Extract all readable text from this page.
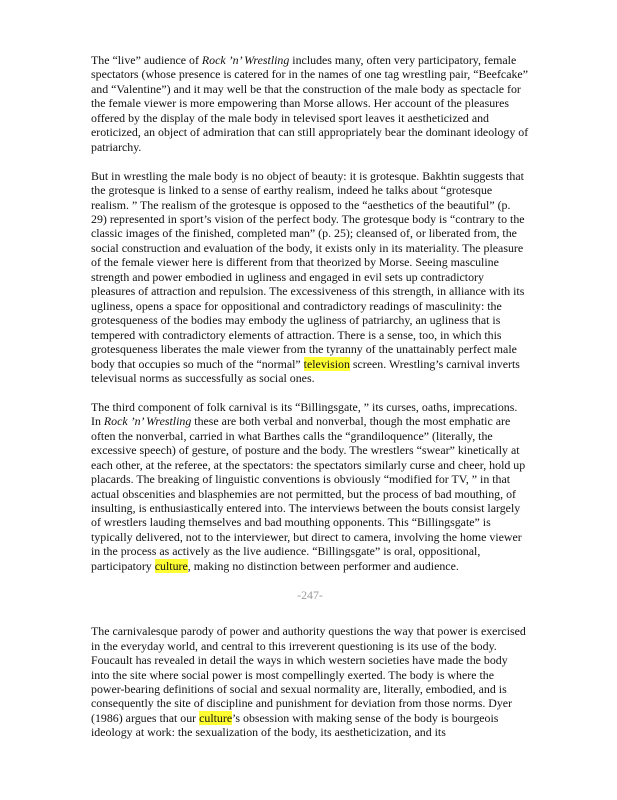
The “live” audience of Rock ’n’ Wrestling includes many, often very participatory, female spectators (whose presence is catered for in the names of one tag wrestling pair, “Beefcake” and “Valentine”) and it may well be that the construction of the male body as spectacle for the female viewer is more empowering than Morse allows. Her account of the pleasures offered by the display of the male body in televised sport leaves it aestheticized and eroticized, an object of admiration that can still appropriately bear the dominant ideology of patriarchy.

But in wrestling the male body is no object of beauty: it is grotesque. Bakhtin suggests that the grotesque is linked to a sense of earthy realism, indeed he talks about “grotesque realism. ” The realism of the grotesque is opposed to the “aesthetics of the beautiful” (p. 29) represented in sport’s vision of the perfect body. The grotesque body is “contrary to the classic images of the finished, completed man” (p. 25); cleansed of, or liberated from, the social construction and evaluation of the body, it exists only in its materiality. The pleasure of the female viewer here is different from that theorized by Morse. Seeing masculine strength and power embodied in ugliness and engaged in evil sets up contradictory pleasures of attraction and repulsion. The excessiveness of this strength, in alliance with its ugliness, opens a space for oppositional and contradictory readings of masculinity: the grotesqueness of the bodies may embody the ugliness of patriarchy, an ugliness that is tempered with contradictory elements of attraction. There is a sense, too, in which this grotesqueness liberates the male viewer from the tyranny of the unattainably perfect male body that occupies so much of the “normal” television screen. Wrestling’s carnival inverts televisual norms as successfully as social ones.

The third component of folk carnival is its “Billingsgate, ” its curses, oaths, imprecations. In Rock ’n’ Wrestling these are both verbal and nonverbal, though the most emphatic are often the nonverbal, carried in what Barthes calls the “grandiloquence” (literally, the excessive speech) of gesture, of posture and the body. The wrestlers “swear” kinetically at each other, at the referee, at the spectators: the spectators similarly curse and cheer, hold up placards. The breaking of linguistic conventions is obviously “modified for TV, ” in that actual obscenities and blasphemies are not permitted, but the process of bad mouthing, of insulting, is enthusiastically entered into. The interviews between the bouts consist largely of wrestlers lauding themselves and bad mouthing opponents. This “Billingsgate” is typically delivered, not to the interviewer, but direct to camera, involving the home viewer in the process as actively as the live audience. “Billingsgate” is oral, oppositional, participatory culture, making no distinction between performer and audience.

-247-

The carnivalesque parody of power and authority questions the way that power is exercised in the everyday world, and central to this irreverent questioning is its use of the body. Foucault has revealed in detail the ways in which western societies have made the body into the site where social power is most compellingly exerted. The body is where the power-bearing definitions of social and sexual normality are, literally, embodied, and is consequently the site of discipline and punishment for deviation from those norms. Dyer (1986) argues that our culture’s obsession with making sense of the body is bourgeois ideology at work: the sexualization of the body, its aestheticization, and its
